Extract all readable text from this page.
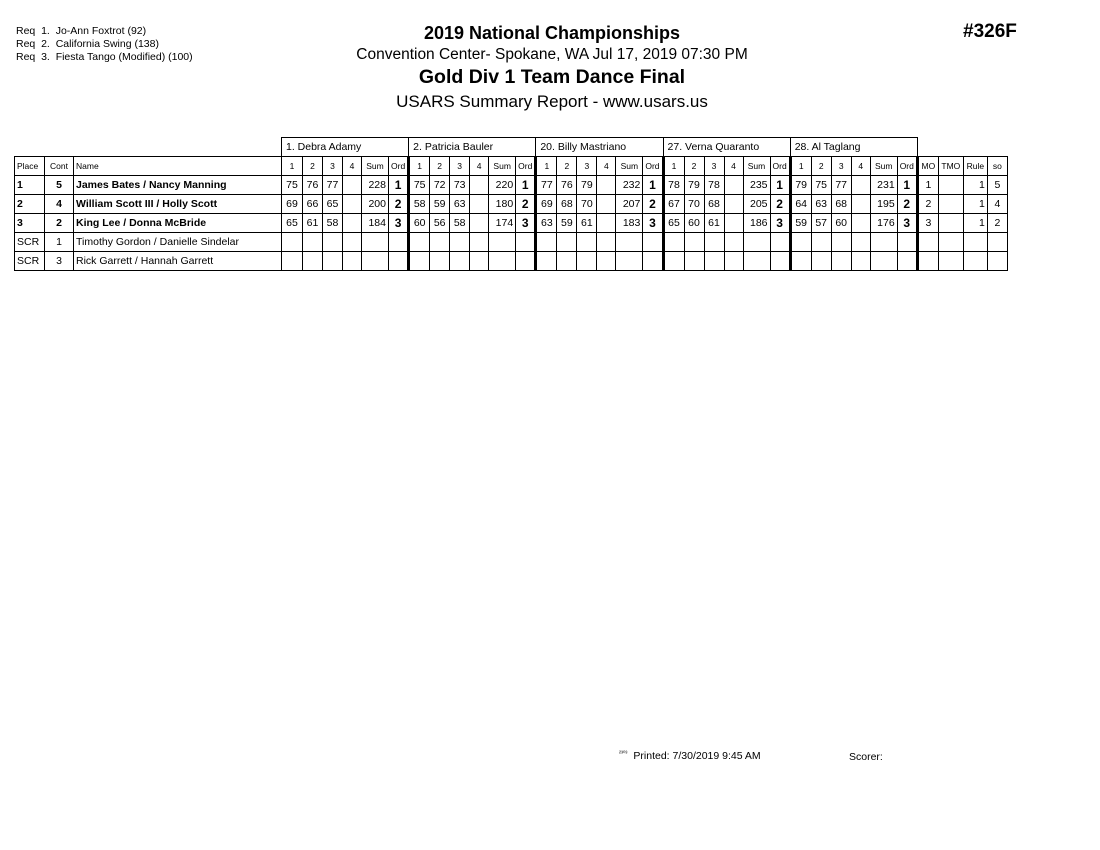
Req  1.  Jo-Ann Foxtrot (92)
Req  2.  California Swing (138)
Req  3.  Fiesta Tango (Modified) (100)
2019 National Championships
Convention Center- Spokane, WA Jul 17, 2019 07:30 PM
Gold Div 1 Team Dance Final
USARS Summary Report - www.usars.us
#326F
			1. Debra Adamy						2. Patricia Bauler						20. Billy Mastriano						27. Verna Quaranto						28. Al Taglang									
Place	Cont	Name	1	2	3	4	Sum	Ord	1	2	3	4	Sum	Ord	1	2	3	4	Sum	Ord	1	2	3	4	Sum	Ord	1	2	3	4	Sum	Ord	MO	TMO	Rule	so
1	5	James Bates / Nancy Manning	75	76	77		228	1	75	72	73		220	1	77	76	79		232	1	78	79	78		235	1	79	75	77		231	1	1		1	5
2	4	William Scott III / Holly Scott	69	66	65		200	2	58	59	63		180	2	69	68	70		207	2	67	70	68		205	2	64	63	68		195	2	2		1	4
3	2	King Lee / Donna McBride	65	61	58		184	3	60	56	58		174	3	63	59	61		183	3	65	60	61		186	3	59	57	60		176	3	3		1	2
SCR	1	Timothy Gordon / Danielle Sindelar																																		
SCR	3	Rick Garrett / Hannah Garrett																																		
$^{^{2303}}$ Printed: 7/30/2019 9:45 AM	Scorer:
